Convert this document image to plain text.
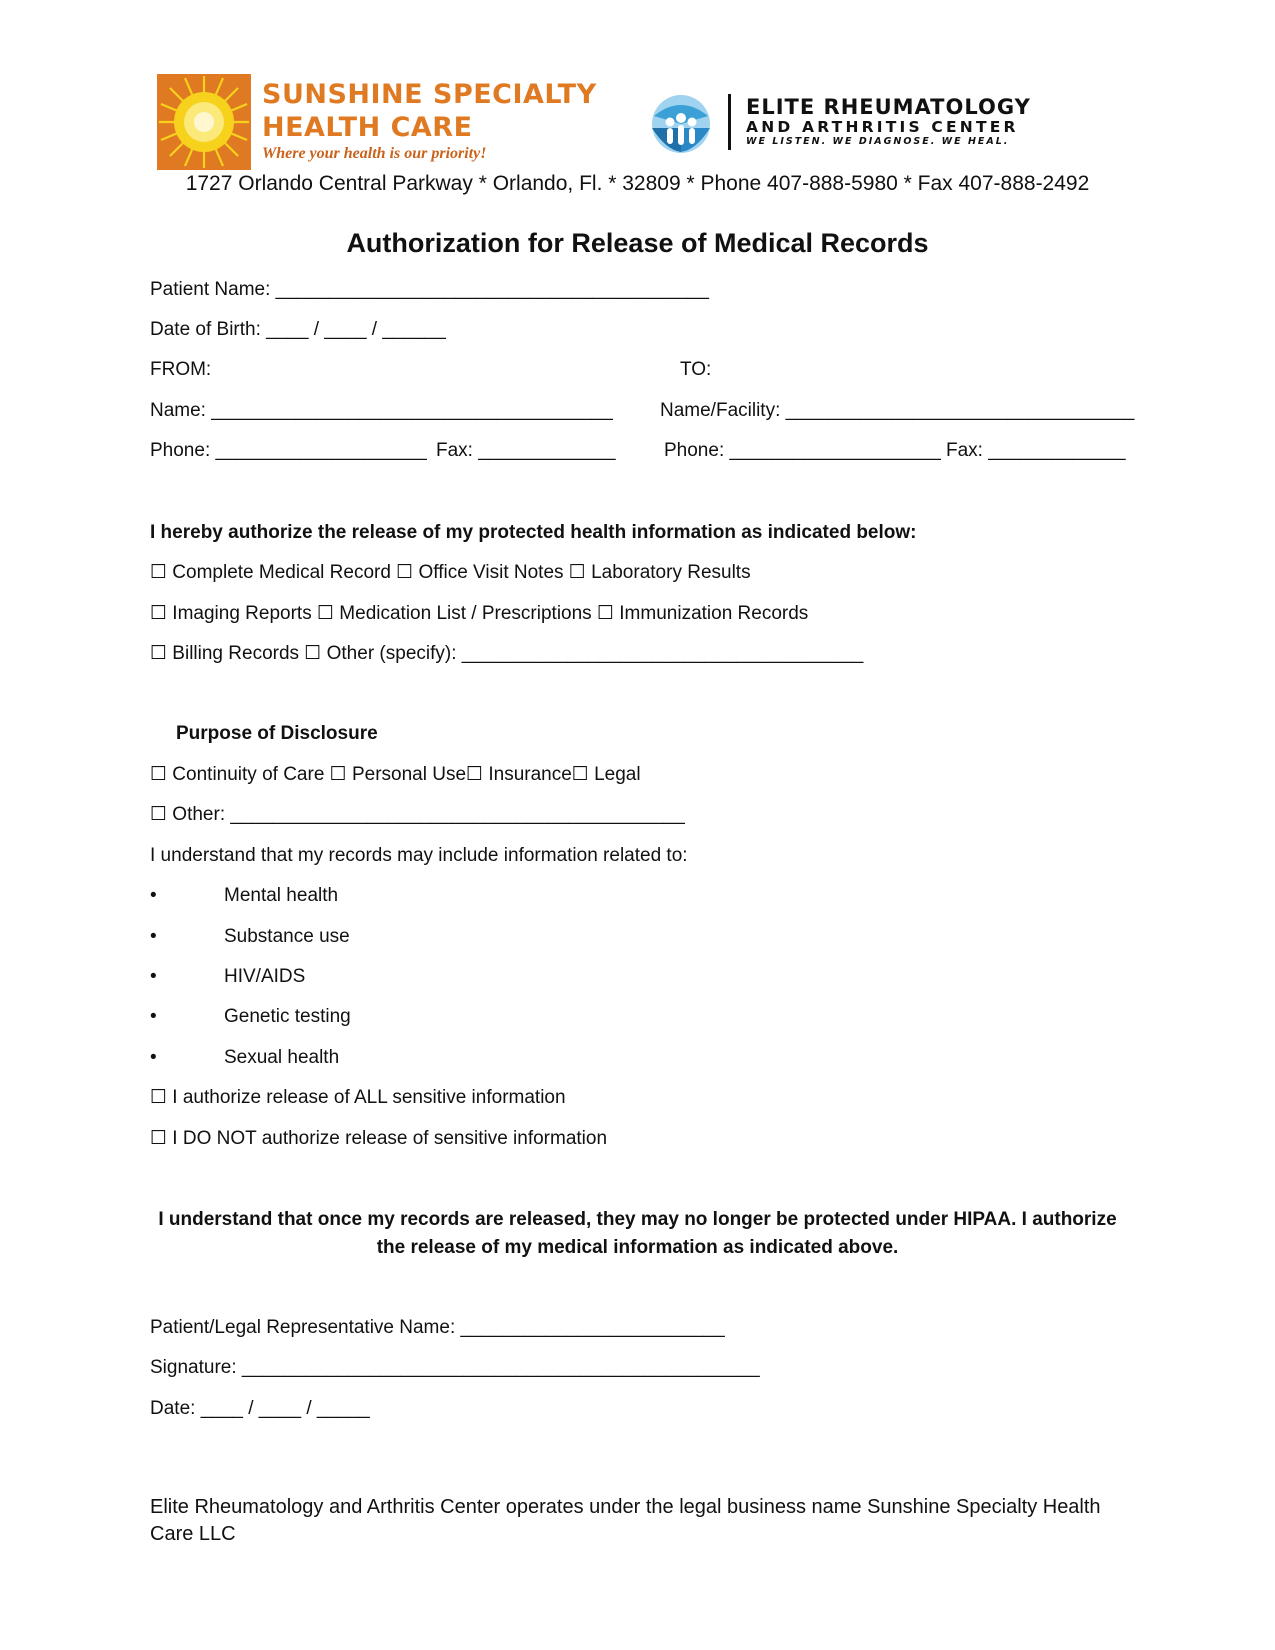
SUNSHINE SPECIALTY
HEALTH CARE
Where your health is our priority!
ELITE RHEUMATOLOGY
AND ARTHRITIS CENTER
WE LISTEN. WE DIAGNOSE. WE HEAL.
1727 Orlando Central Parkway * Orlando, Fl. * 32809 * Phone 407-888-5980 * Fax 407-888-2492
Authorization for Release of Medical Records
Patient Name: _________________________________________
Date of Birth: ____ / ____ / ______
FROM:	TO:
Name: ______________________________________ Name/Facility: _________________________________
Phone: ____________________ Fax: _____________	Phone: ____________________ Fax: _____________
I hereby authorize the release of my protected health information as indicated below:
☐ Complete Medical Record ☐ Office Visit Notes ☐ Laboratory Results
☐ Imaging Reports ☐ Medication List / Prescriptions ☐ Immunization Records
☐ Billing Records ☐ Other (specify): ______________________________________
Purpose of Disclosure
☐ Continuity of Care ☐ Personal Use☐ Insurance☐ Legal
☐ Other: ___________________________________________
I understand that my records may include information related to:
•	Mental health
•	Substance use
•	HIV/AIDS
•	Genetic testing
•	Sexual health
☐ I authorize release of ALL sensitive information
☐ I DO NOT authorize release of sensitive information
I understand that once my records are released, they may no longer be protected under HIPAA. I authorize the release of my medical information as indicated above.
Patient/Legal Representative Name: _________________________
Signature: _________________________________________________
Date: ____ / ____ / _____
Elite Rheumatology and Arthritis Center operates under the legal business name Sunshine Specialty Health Care LLC
